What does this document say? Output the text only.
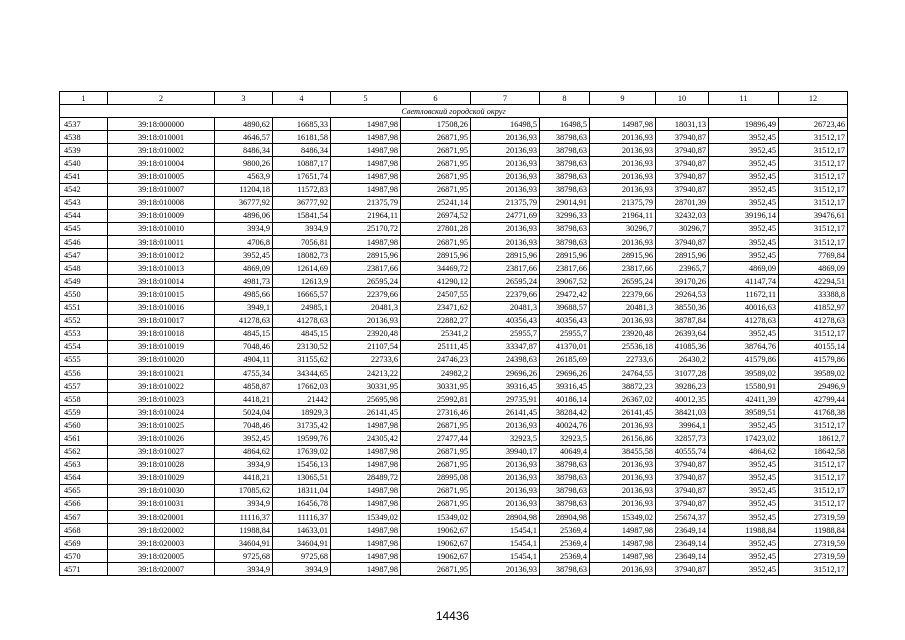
1	2	3	4	5	6	7	8	9	10	11	12
Светловский городской округ											
4537	39:18:000000	4890,62	16685,33	14987,98	17508,26	16498,5	16498,5	14987,98	18031,13	19896,49	26723,46
4538	39:18:010001	4646,57	16181,58	14987,98	26871,95	20136,93	38798,63	20136,93	37940,87	3952,45	31512,17
4539	39:18:010002	8486,34	8486,34	14987,98	26871,95	20136,93	38798,63	20136,93	37940,87	3952,45	31512,17
4540	39:18:010004	9800,26	10887,17	14987,98	26871,95	20136,93	38798,63	20136,93	37940,87	3952,45	31512,17
4541	39:18:010005	4563,9	17651,74	14987,98	26871,95	20136,93	38798,63	20136,93	37940,87	3952,45	31512,17
4542	39:18:010007	11204,18	11572,83	14987,98	26871,95	20136,93	38798,63	20136,93	37940,87	3952,45	31512,17
4543	39:18:010008	36777,92	36777,92	21375,79	25241,14	21375,79	29014,91	21375,79	28701,39	3952,45	31512,17
4544	39:18:010009	4896,06	15841,54	21964,11	26974,52	24771,69	32996,33	21964,11	32432,03	39196,14	39476,61
4545	39:18:010010	3934,9	3934,9	25170,72	27801,28	20136,93	38798,63	30296,7	30296,7	3952,45	31512,17
4546	39:18:010011	4706,8	7056,81	14987,98	26871,95	20136,93	38798,63	20136,93	37940,87	3952,45	31512,17
4547	39:18:010012	3952,45	18082,73	28915,96	28915,96	28915,96	28915,96	28915,96	28915,96	3952,45	7769,84
4548	39:18:010013	4869,09	12614,69	23817,66	34469,72	23817,66	23817,66	23817,66	23965,7	4869,09	4869,09
4549	39:18:010014	4981,73	12613,9	26595,24	41290,12	26595,24	39067,52	26595,24	39170,26	41147,74	42294,51
4550	39:18:010015	4985,66	16665,57	22379,66	24507,55	22379,66	29472,42	22379,66	29264,53	11672,11	33388,8
4551	39:18:010016	3949,1	24985,1	20481,3	23471,62	20481,3	39688,57	20481,3	38550,36	40016,63	41852,97
4552	39:18:010017	41278,63	41278,63	20136,93	22882,27	40356,43	40356,43	20136,93	38787,84	41278,63	41278,63
4553	39:18:010018	4845,15	4845,15	23920,48	25341,2	25955,7	25955,7	23920,48	26393,64	3952,45	31512,17
4554	39:18:010019	7048,46	23130,52	21107,54	25111,45	33347,87	41370,01	25536,18	41085,36	38764,76	40155,14
4555	39:18:010020	4904,11	31155,62	22733,6	24746,23	24398,63	26185,69	22733,6	26430,2	41579,86	41579,86
4556	39:18:010021	4755,34	34344,65	24213,22	24982,2	29696,26	29696,26	24764,55	31077,28	39589,02	39589,02
4557	39:18:010022	4858,87	17662,03	30331,95	30331,95	39316,45	39316,45	38872,23	39286,23	15580,91	29496,9
4558	39:18:010023	4418,21	21442	25695,98	25992,81	29735,91	40186,14	26367,02	40012,35	42411,39	42799,44
4559	39:18:010024	5024,04	18929,3	26141,45	27316,46	26141,45	38284,42	26141,45	38421,03	39589,51	41768,38
4560	39:18:010025	7048,46	31735,42	14987,98	26871,95	20136,93	40024,76	20136,93	39964,1	3952,45	31512,17
4561	39:18:010026	3952,45	19599,76	24305,42	27477,44	32923,5	32923,5	26156,86	32857,73	17423,02	18612,7
4562	39:18:010027	4864,62	17639,02	14987,98	26871,95	39940,17	40649,4	38455,58	40555,74	4864,62	18642,58
4563	39:18:010028	3934,9	15456,13	14987,98	26871,95	20136,93	38798,63	20136,93	37940,87	3952,45	31512,17
4564	39:18:010029	4418,21	13065,51	28489,72	28995,08	20136,93	38798,63	20136,93	37940,87	3952,45	31512,17
4565	39:18:010030	17085,62	18311,04	14987,98	26871,95	20136,93	38798,63	20136,93	37940,87	3952,45	31512,17
4566	39:18:010031	3934,9	16456,78	14987,98	26871,95	20136,93	38798,63	20136,93	37940,87	3952,45	31512,17
4567	39:18:020001	11116,37	11116,37	15349,02	15349,02	28904,98	28904,98	15349,02	25674,37	3952,45	27319,59
4568	39:18:020002	11988,84	14633,01	14987,98	19062,67	15454,1	25369,4	14987,98	23649,14	11988,84	11988,84
4569	39:18:020003	34604,91	34604,91	14987,98	19062,67	15454,1	25369,4	14987,98	23649,14	3952,45	27319,59
4570	39:18:020005	9725,68	9725,68	14987,98	19062,67	15454,1	25369,4	14987,98	23649,14	3952,45	27319,59
4571	39:18:020007	3934,9	3934,9	14987,98	26871,95	20136,93	38798,63	20136,93	37940,87	3952,45	31512,17
14436
